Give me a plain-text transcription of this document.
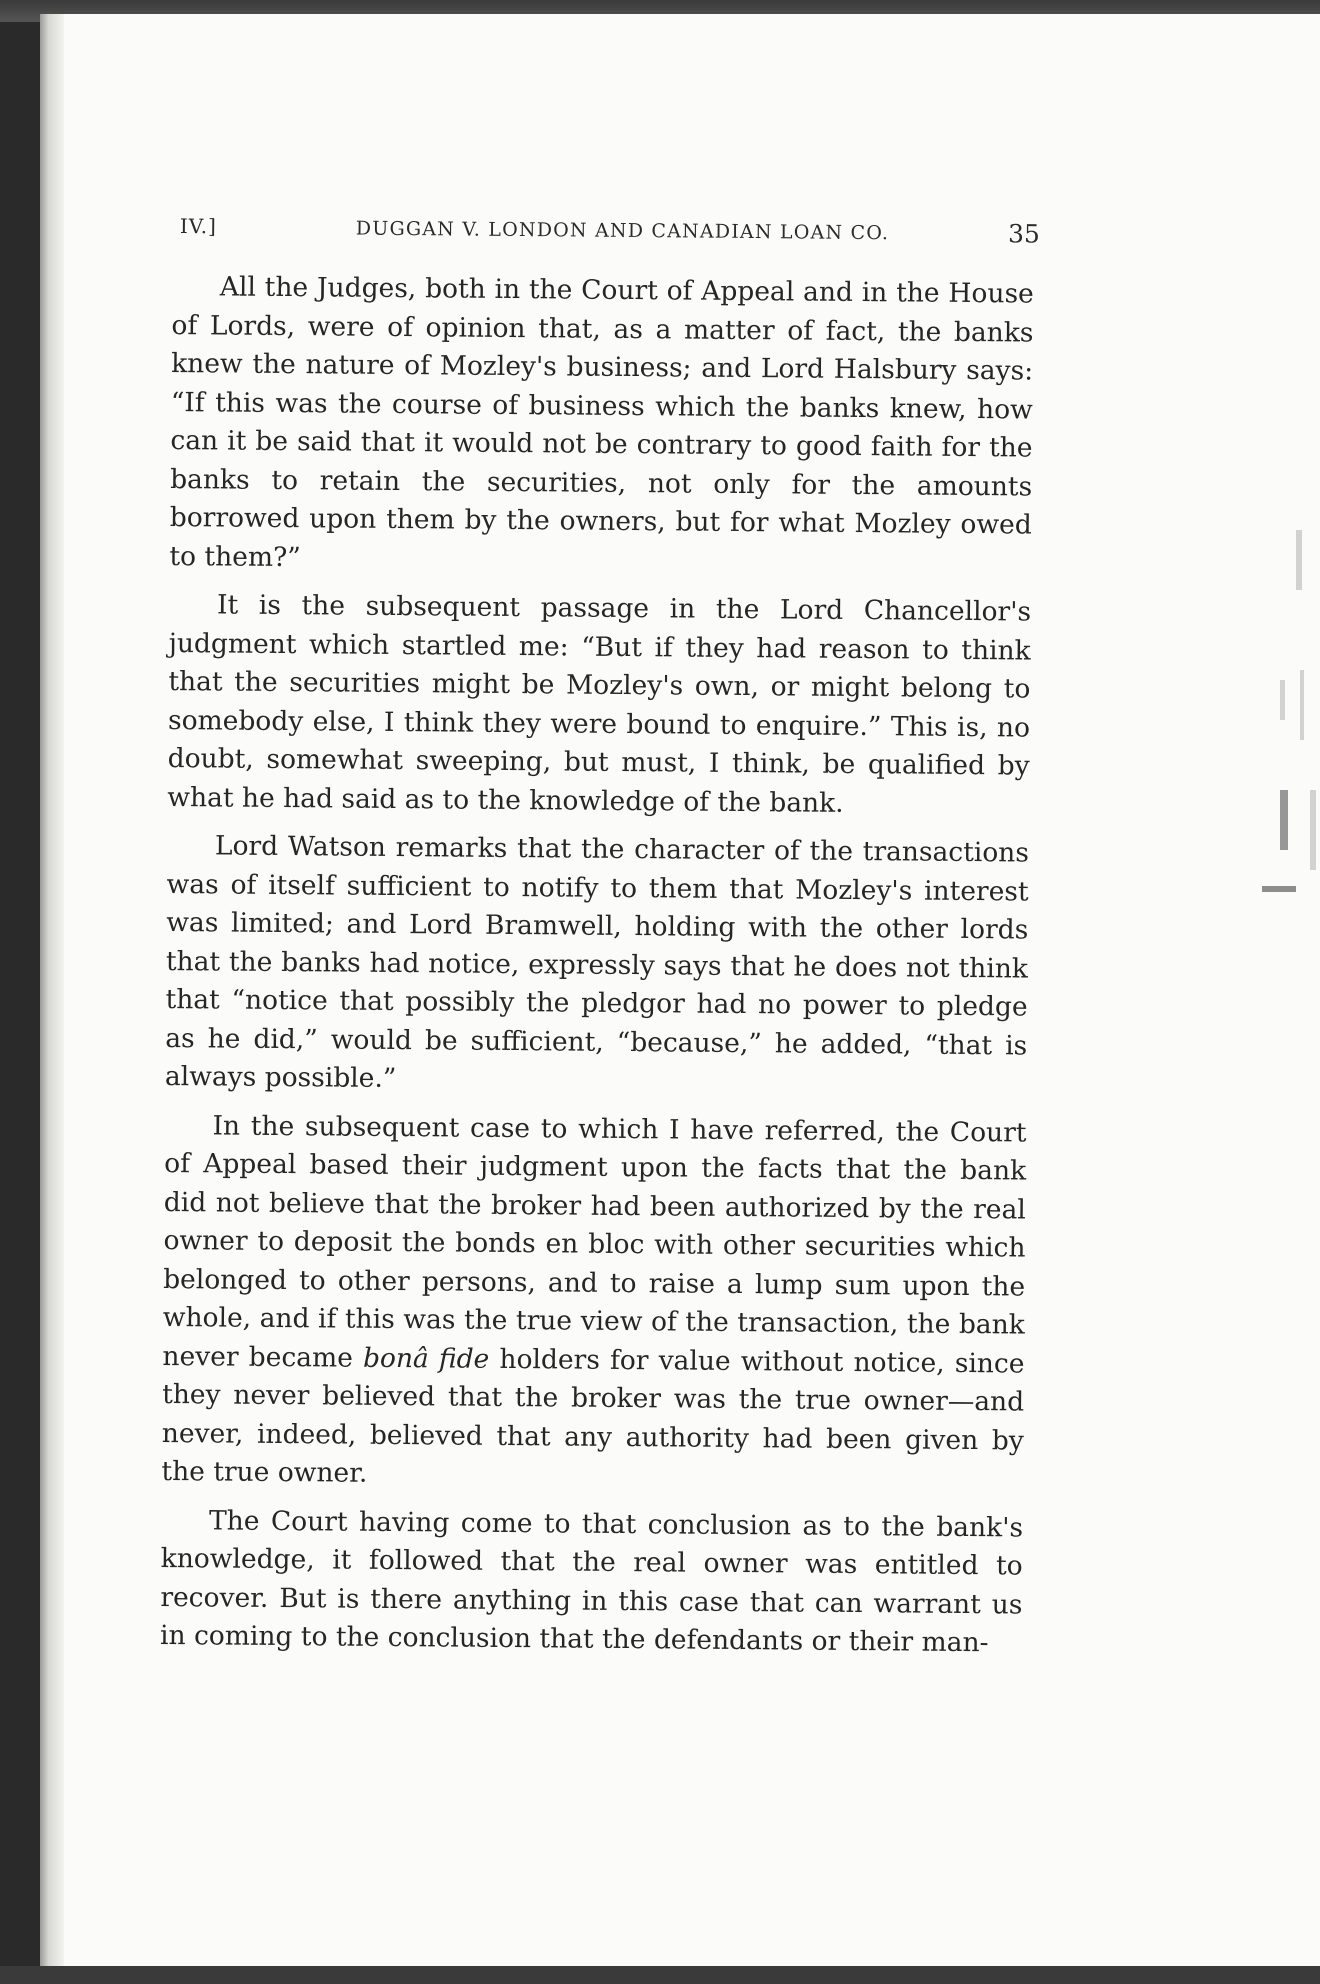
IV.]	DUGGAN V. LONDON AND CANADIAN LOAN CO.	35

All the Judges, both in the Court of Appeal and in the House of Lords, were of opinion that, as a matter of fact, the banks knew the nature of Mozley's business; and Lord Halsbury says: “If this was the course of business which the banks knew, how can it be said that it would not be contrary to good faith for the banks to retain the securities, not only for the amounts borrowed upon them by the owners, but for what Mozley owed to them?”

It is the subsequent passage in the Lord Chancellor's judgment which startled me: “But if they had reason to think that the securities might be Mozley's own, or might belong to somebody else, I think they were bound to enquire.” This is, no doubt, somewhat sweeping, but must, I think, be qualified by what he had said as to the knowledge of the bank.

Lord Watson remarks that the character of the transactions was of itself sufficient to notify to them that Mozley's interest was limited; and Lord Bramwell, holding with the other lords that the banks had notice, expressly says that he does not think that “notice that possibly the pledgor had no power to pledge as he did,” would be sufficient, “because,” he added, “that is always possible.”

In the subsequent case to which I have referred, the Court of Appeal based their judgment upon the facts that the bank did not believe that the broker had been authorized by the real owner to deposit the bonds en bloc with other securities which belonged to other persons, and to raise a lump sum upon the whole, and if this was the true view of the transaction, the bank never became bonâ fide holders for value without notice, since they never believed that the broker was the true owner—and never, indeed, believed that any authority had been given by the true owner.

The Court having come to that conclusion as to the bank's knowledge, it followed that the real owner was entitled to recover. But is there anything in this case that can warrant us in coming to the conclusion that the defendants or their man-
